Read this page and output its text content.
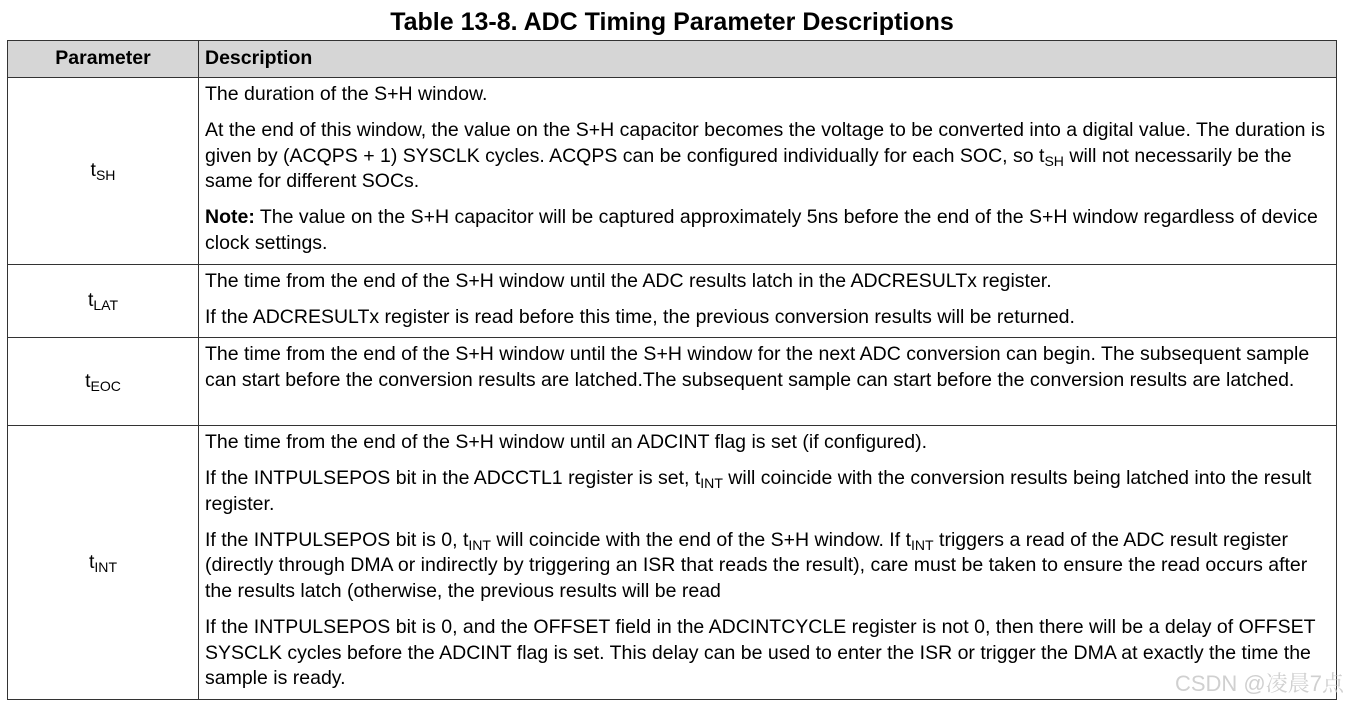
Table 13-8. ADC Timing Parameter Descriptions
Parameter	Description
$t_{SH}$	The duration of the S+H window.

At the end of this window, the value on the S+H capacitor becomes the voltage to be converted into a digital value. The duration is given by (ACQPS + 1) SYSCLK cycles. ACQPS can be configured individually for each SOC, so $t_{SH}$ will not necessarily be the same for different SOCs.

Note: The value on the S+H capacitor will be captured approximately 5ns before the end of the S+H window regardless of device clock settings.

$t_{LAT}$	The time from the end of the S+H window until the ADC results latch in the ADCRESULTx register.

If the ADCRESULTx register is read before this time, the previous conversion results will be returned.

$t_{EOC}$	The time from the end of the S+H window until the S+H window for the next ADC conversion can begin. The subsequent sample can start before the conversion results are latched.The subsequent sample can start before the conversion results are latched.

$t_{INT}$	The time from the end of the S+H window until an ADCINT flag is set (if configured).

If the INTPULSEPOS bit in the ADCCTL1 register is set, $t_{INT}$ will coincide with the conversion results being latched into the result register.

If the INTPULSEPOS bit is 0, $t_{INT}$ will coincide with the end of the S+H window. If $t_{INT}$ triggers a read of the ADC result register (directly through DMA or indirectly by triggering an ISR that reads the result), care must be taken to ensure the read occurs after the results latch (otherwise, the previous results will be read

If the INTPULSEPOS bit is 0, and the OFFSET field in the ADCINTCYCLE register is not 0, then there will be a delay of OFFSET SYSCLK cycles before the ADCINT flag is set. This delay can be used to enter the ISR or trigger the DMA at exactly the time the sample is ready.	CSDN @凌晨7点
